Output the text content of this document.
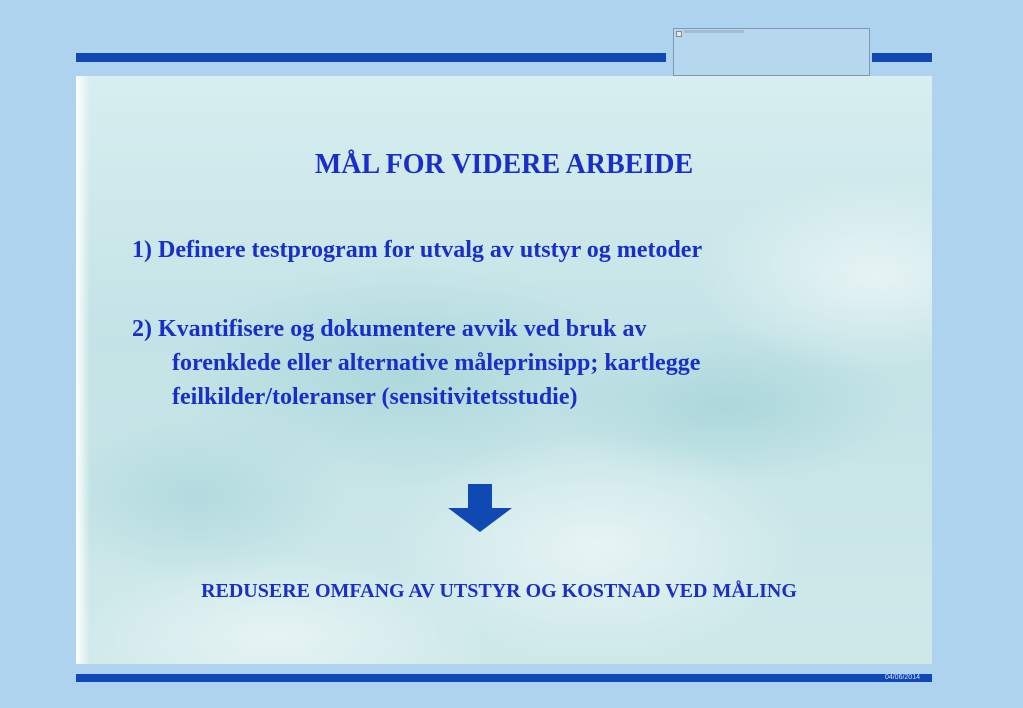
MÅL FOR VIDERE ARBEIDE

1) Definere testprogram for utvalg av utstyr og metoder

2) Kvantifisere og dokumentere avvik ved bruk av
forenklede eller alternative måleprinsipp; kartlegge
feilkilder/toleranser (sensitivitetsstudie)

REDUSERE OMFANG AV UTSTYR OG KOSTNAD VED MÅLING

04/06/2014
